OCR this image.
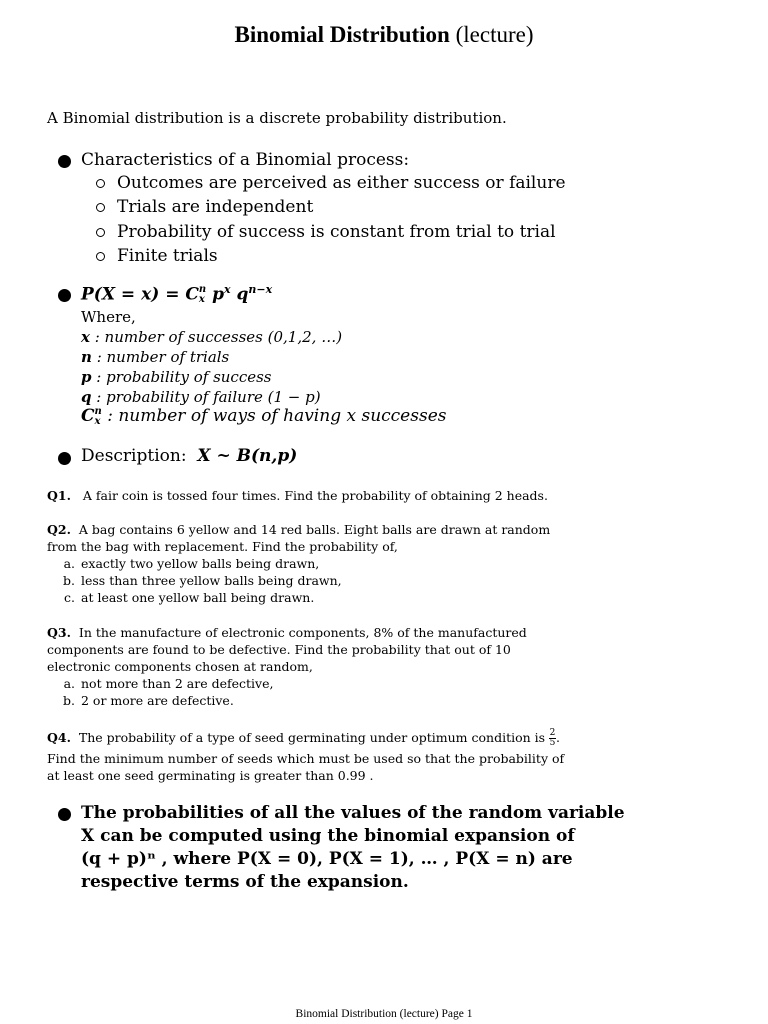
Binomial Distribution (lecture)
A Binomial distribution is a discrete probability distribution.
Characteristics of a Binomial process:
Outcomes are perceived as either success or failure
Trials are independent
Probability of success is constant from trial to trial
Finite trials
P(X = x) = C n
x $p^x$ $q^{n-x}$
Where,
x : number of successes (0,1,2, …)
n : number of trials
p : probability of success
q : probability of failure (1 − p)
C n
x : number of ways of having x successes
Description: X ~ B(n,p)
Q1. A fair coin is tossed four times. Find the probability of obtaining 2 heads.
Q2. A bag contains 6 yellow and 14 red balls. Eight balls are drawn at random
from the bag with replacement. Find the probability of,
a. exactly two yellow balls being drawn,
b. less than three yellow balls being drawn,
c. at least one yellow ball being drawn.
Q3. In the manufacture of electronic components, 8% of the manufactured
components are found to be defective. Find the probability that out of 10
electronic components chosen at random,
a. not more than 2 are defective,
b. 2 or more are defective.
Q4. The probability of a type of seed germinating under optimum condition is $\frac{2}{5}$ .
Find the minimum number of seeds which must be used so that the probability of
at least one seed germinating is greater than 0.99 .
The probabilities of all the values of the random variable
X can be computed using the binomial expansion of
(q + p)ⁿ , where P(X = 0), P(X = 1), … , P(X = n) are
respective terms of the expansion.
Binomial Distribution (lecture) Page 1
